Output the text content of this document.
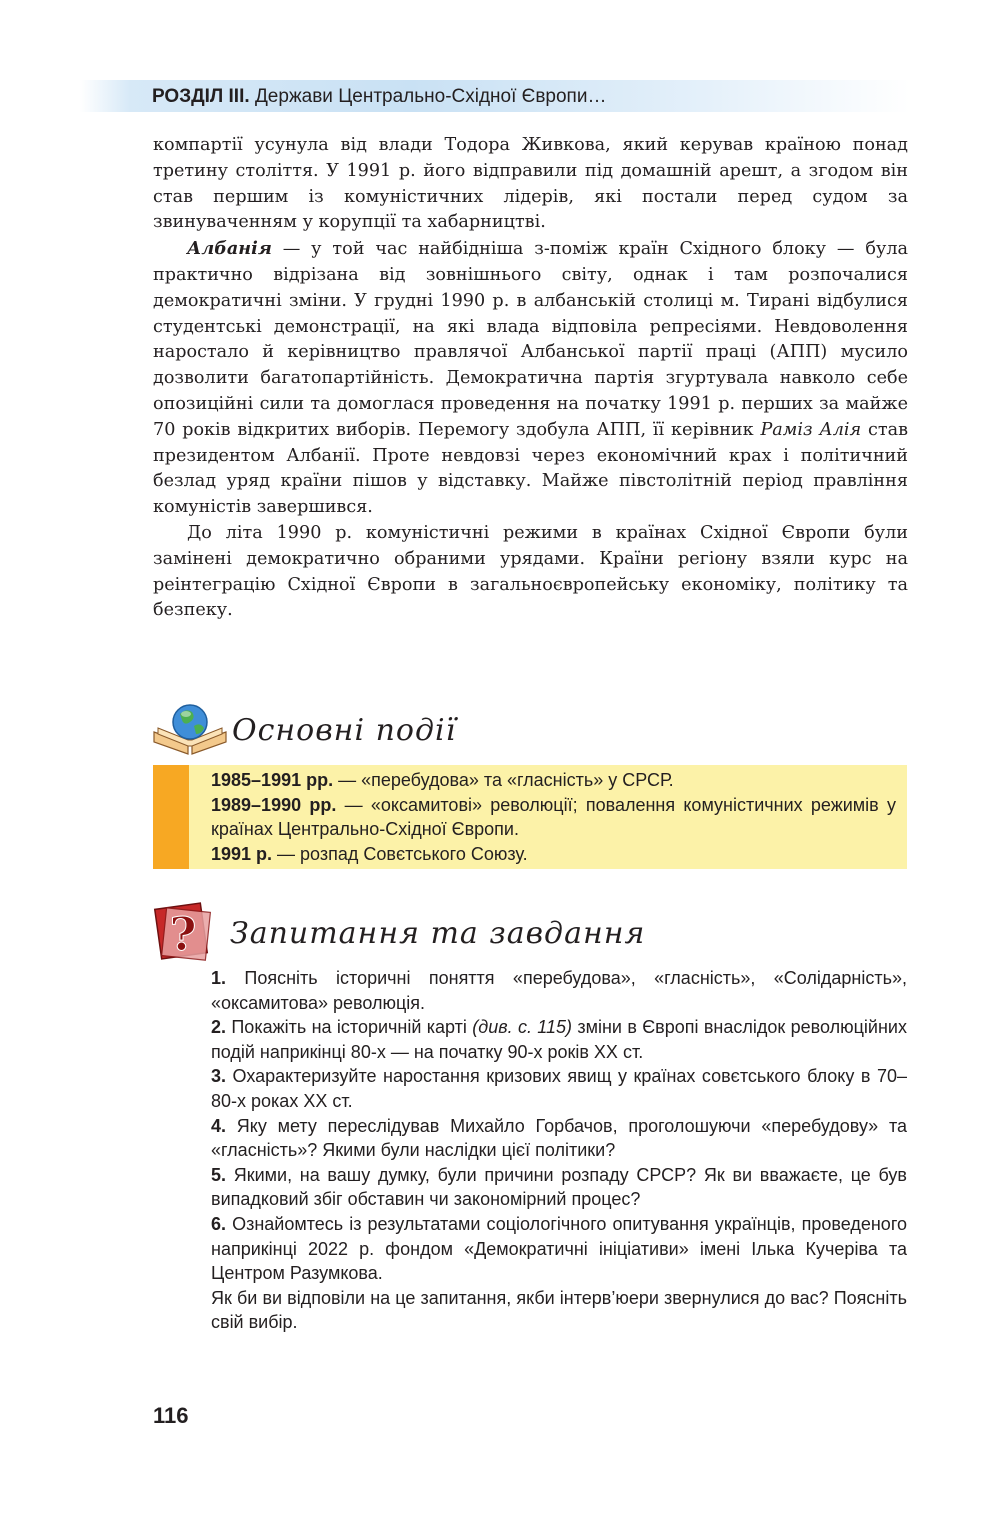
РОЗДІЛ III. Держави Центрально-Східної Європи…

компартії усунула від влади Тодора Живкова, який керував країною понад третину століття. У 1991 р. його відправили під домашній арешт, а згодом він став першим із комуністичних лідерів, які постали перед судом за звинуваченням у корупції та хабарництві.

Албанія — у той час найбідніша з-поміж країн Східного блоку — була практично відрізана від зовнішнього світу, однак і там розпочалися демократичні зміни. У грудні 1990 р. в албанській столиці м. Тирані відбулися студентські демонстрації, на які влада відповіла репресіями. Невдоволення наростало й керівництво правлячої Албанської партії праці (АПП) мусило дозволити багатопартійність. Демократична партія згуртувала навколо себе опозиційні сили та домоглася проведення на початку 1991 р. перших за майже 70 років відкритих виборів. Перемогу здобула АПП, її керівник Раміз Алія став президентом Албанії. Проте невдовзі через економічний крах і політичний безлад уряд країни пішов у відставку. Майже півстолітній період правління комуністів завершився.

До літа 1990 р. комуністичні режими в країнах Східної Європи були замінені демократично обраними урядами. Країни регіону взяли курс на реінтеграцію Східної Європи в загальноєвропейську економіку, політику та безпеку.

Основні події

1985–1991 рр. — «перебудова» та «гласність» у СРСР.

1989–1990 рр. — «оксамитові» революції; повалення комуністичних режимів у країнах Центрально-Східної Європи.

1991 р. — розпад Совєтського Союзу.

? Запитання та завдання

1. Поясніть історичні поняття «перебудова», «гласність», «Солідарність», «оксамитова» революція.

2. Покажіть на історичній карті (див. с. 115) зміни в Європі внаслідок революційних подій наприкінці 80-х — на початку 90-х років ХХ ст.

3. Охарактеризуйте наростання кризових явищ у країнах совєтського блоку в 70–80-х роках ХХ ст.

4. Яку мету переслідував Михайло Горбачов, проголошуючи «перебудову» та «гласність»? Якими були наслідки цієї політики?

5. Якими, на вашу думку, були причини розпаду СРСР? Як ви вважаєте, це був випадковий збіг обставин чи закономірний процес?

6. Ознайомтесь із результатами соціологічного опитування українців, проведеного наприкінці 2022 р. фондом «Демократичні ініціативи» імені Ілька Кучеріва та Центром Разумкова.

Як би ви відповіли на це запитання, якби інтерв’юери звернулися до вас? Поясніть свій вибір.

116
